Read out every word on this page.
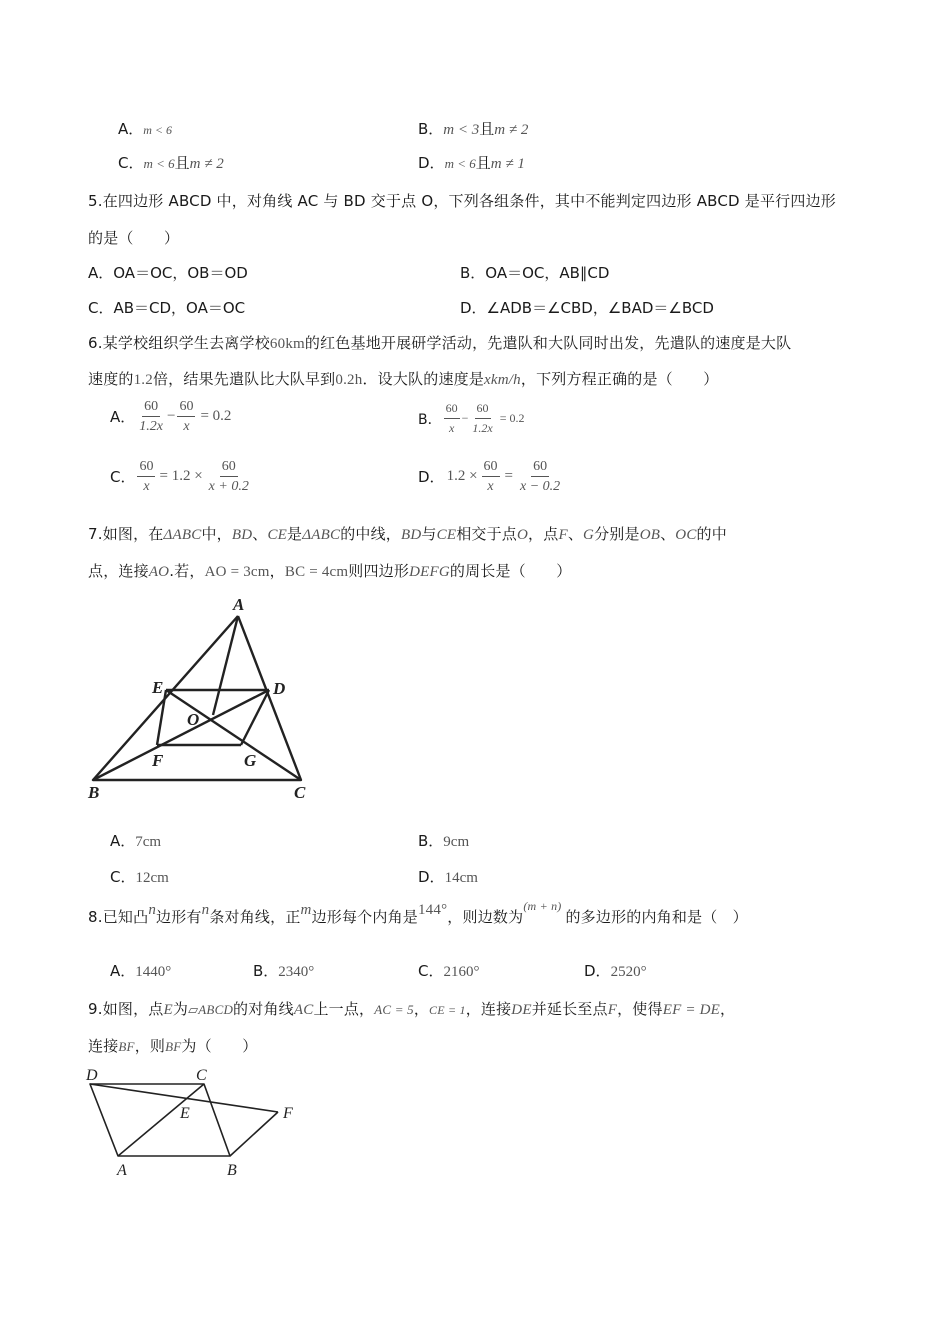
A．m < 6	B．m < 3且m ≠ 2
C．m < 6且m ≠ 2	D．m < 6且m ≠ 1
5.在四边形 ABCD 中，对角线 AC 与 BD 交于点 O，下列各组条件，其中不能判定四边形 ABCD 是平行四边形
的是（　　）
A．OA＝OC，OB＝OD	B．OA＝OC，AB∥CD
C．AB＝CD，OA＝OC	D．∠ADB＝∠CBD，∠BAD＝∠BCD
6.某学校组织学生去离学校60km的红色基地开展研学活动，先遣队和大队同时出发，先遣队的速度是大队
速度的1.2倍，结果先遣队比大队早到0.2h．设大队的速度是xkm/h，下列方程正确的是（　　）
A． $\frac{60}{1.2x} - \frac{60}{x} = 0.2$	B． $\frac{60}{x} - \frac{60}{1.2x} = 0.2$
C． $\frac{60}{x} = 1.2 \times \frac{60}{x + 0.2}$	D． $1.2 \times \frac{60}{x} = \frac{60}{x - 0.2}$
7.如图，在ΔABC中，BD、CE是ΔABC的中线，BD与CE相交于点O，点F、G分别是OB、OC的中
点，连接AO.若，AO = 3cm，BC = 4cm则四边形DEFG的周长是（　　）
A
B	C
D
E
F	G
O
A．7cm	B．9cm
C．12cm	D．14cm
8.已知凸n边形有n条对角线，正m边形每个内角是144°，则边数为$^{(m + n)}$的多边形的内角和是（　）
A．1440°	B．2340°	C．2160°	D．2520°
9.如图，点E为▱ABCD的对角线AC上一点，AC = 5，CE = 1，连接DE并延长至点F，使得EF = DE，
连接BF，则BF为（　　）
D	C
E	F
A	B
